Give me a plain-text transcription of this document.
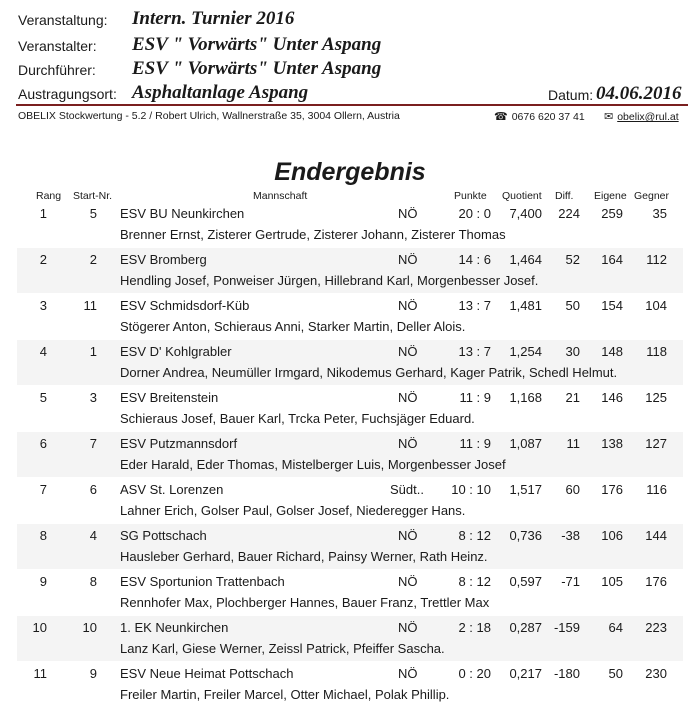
Veranstaltung: Intern. Turnier 2016
Veranstalter: ESV " Vorwärts" Unter Aspang
Durchführer: ESV " Vorwärts" Unter Aspang
Austragungsort: Asphaltanlage Aspang	Datum: 04.06.2016
OBELIX Stockwertung - 5.2 / Robert Ulrich, Wallnerstraße 35, 3004 Ollern, Austria	☎ 0676 620 37 41 ✉ obelix@rul.at
Endergebnis
Rang Start-Nr.	Mannschaft	Punkte Quotient Diff. Eigene Gegner
1	5 ESV BU Neunkirchen	NÖ	20 : 0	7,400	224	259	35
Brenner Ernst, Zisterer Gertrude, Zisterer Johann, Zisterer Thomas
2	2 ESV Bromberg	NÖ	14 : 6	1,464	52	164	112
Hendling Josef, Ponweiser Jürgen, Hillebrand Karl, Morgenbesser Josef.
3	11 ESV Schmidsdorf-Küb	NÖ	13 : 7	1,481	50	154	104
Stögerer Anton, Schieraus Anni, Starker Martin, Deller Alois.
4	1 ESV D' Kohlgrabler	NÖ	13 : 7	1,254	30	148	118
Dorner Andrea, Neumüller Irmgard, Nikodemus Gerhard, Kager Patrik, Schedl Helmut.
5	3 ESV Breitenstein	NÖ	11 : 9	1,168	21	146	125
Schieraus Josef, Bauer Karl, Trcka Peter, Fuchsjäger Eduard.
6	7 ESV Putzmannsdorf	NÖ	11 : 9	1,087	11	138	127
Eder Harald, Eder Thomas, Mistelberger Luis, Morgenbesser Josef
7	6 ASV St. Lorenzen	Südt..	10 : 10	1,517	60	176	116
Lahner Erich, Golser Paul, Golser Josef, Niederegger Hans.
8	4 SG Pottschach	NÖ	8 : 12	0,736	-38	106	144
Hausleber Gerhard, Bauer Richard, Painsy Werner, Rath Heinz.
9	8 ESV Sportunion Trattenbach	NÖ	8 : 12	0,597	-71	105	176
Rennhofer Max, Plochberger Hannes, Bauer Franz, Trettler Max
10	10 1. EK Neunkirchen	NÖ	2 : 18	0,287 -159	64	223
Lanz Karl, Giese Werner, Zeissl Patrick, Pfeiffer Sascha.
11	9 ESV Neue Heimat Pottschach	NÖ	0 : 20	0,217 -180	50	230
Freiler Martin, Freiler Marcel, Otter Michael, Polak Phillip.
